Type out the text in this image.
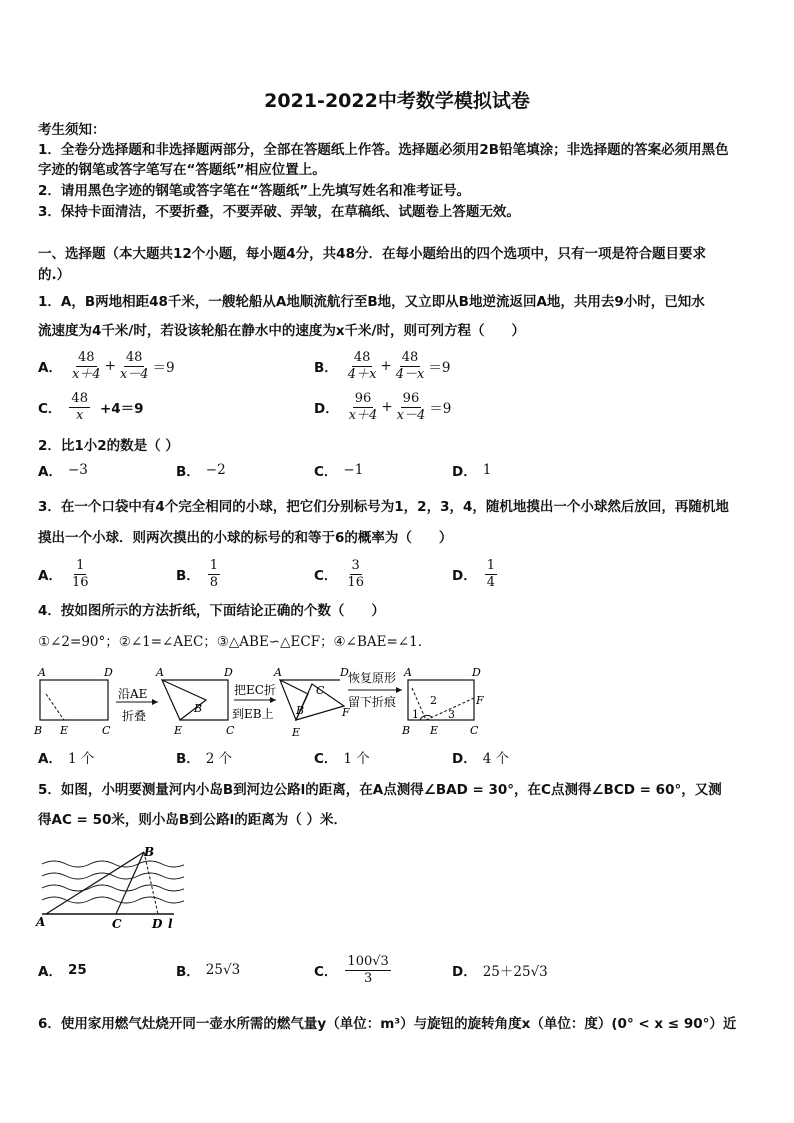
2021-2022中考数学模拟试卷
考生须知：
1．全卷分选择题和非选择题两部分，全部在答题纸上作答。选择题必须用2B铅笔填涂；非选择题的答案必须用黑色
字迹的钢笔或答字笔写在“答题纸”相应位置上。
2．请用黑色字迹的钢笔或答字笔在“答题纸”上先填写姓名和准考证号。
3．保持卡面清洁，不要折叠，不要弄破、弄皱，在草稿纸、试题卷上答题无效。
一、选择题（本大题共12个小题，每小题4分，共48分．在每小题给出的四个选项中，只有一项是符合题目要求
的.）
1．A，B两地相距48千米，一艘轮船从A地顺流航行至B地，又立即从B地逆流返回A地，共用去9小时，已知水
流速度为4千米/时，若设该轮船在静水中的速度为x千米/时，则可列方程（　　）
A． $\frac{48}{x+4} + \frac{48}{x-4} =9$	B． $\frac{48}{4+x} + \frac{48}{4-x} =9$
C． $\frac{48}{x} +4=9$	D． $\frac{96}{x+4} + \frac{96}{x-4} =9$
2．比1小2的数是（ ）
A． −3	B． −2	C． −1	D． 1
3．在一个口袋中有4个完全相同的小球，把它们分别标号为1，2，3，4，随机地摸出一个小球然后放回，再随机地
摸出一个小球．则两次摸出的小球的标号的和等于6的概率为（　　）
A． $\frac{1}{16}$	B． $\frac{1}{8}$	C． $\frac{3}{16}$	D． $\frac{1}{4}$
4．按如图所示的方法折纸，下面结论正确的个数（　　）
①∠2=90°；②∠1=∠AEC；③△ABE∽△ECF；④∠BAE=∠1．
A	D
B E	C
沿AE
折叠
A	D
B
E	C
把EC折
到EB上
A	D
B
C
F
E
恢复原形
留下折痕
A	D
B E	C
F
1
2
3
A． 1 个	B． 2 个	C． 1 个	D． 4 个
5．如图，小明要测量河内小岛B到河边公路l的距离，在A点测得∠BAD = 30°，在C点测得∠BCD = 60°，又测
得AC = 50米，则小岛B到公路l的距离为（ ）米．
B
A	C	D l
A． 25	B． 25√3	C． $\frac{100√3}{3}$	D． 25＋25√3
6．使用家用燃气灶烧开同一壶水所需的燃气量y（单位：m³）与旋钮的旋转角度x（单位：度）(0° < x ≤ 90°）近
